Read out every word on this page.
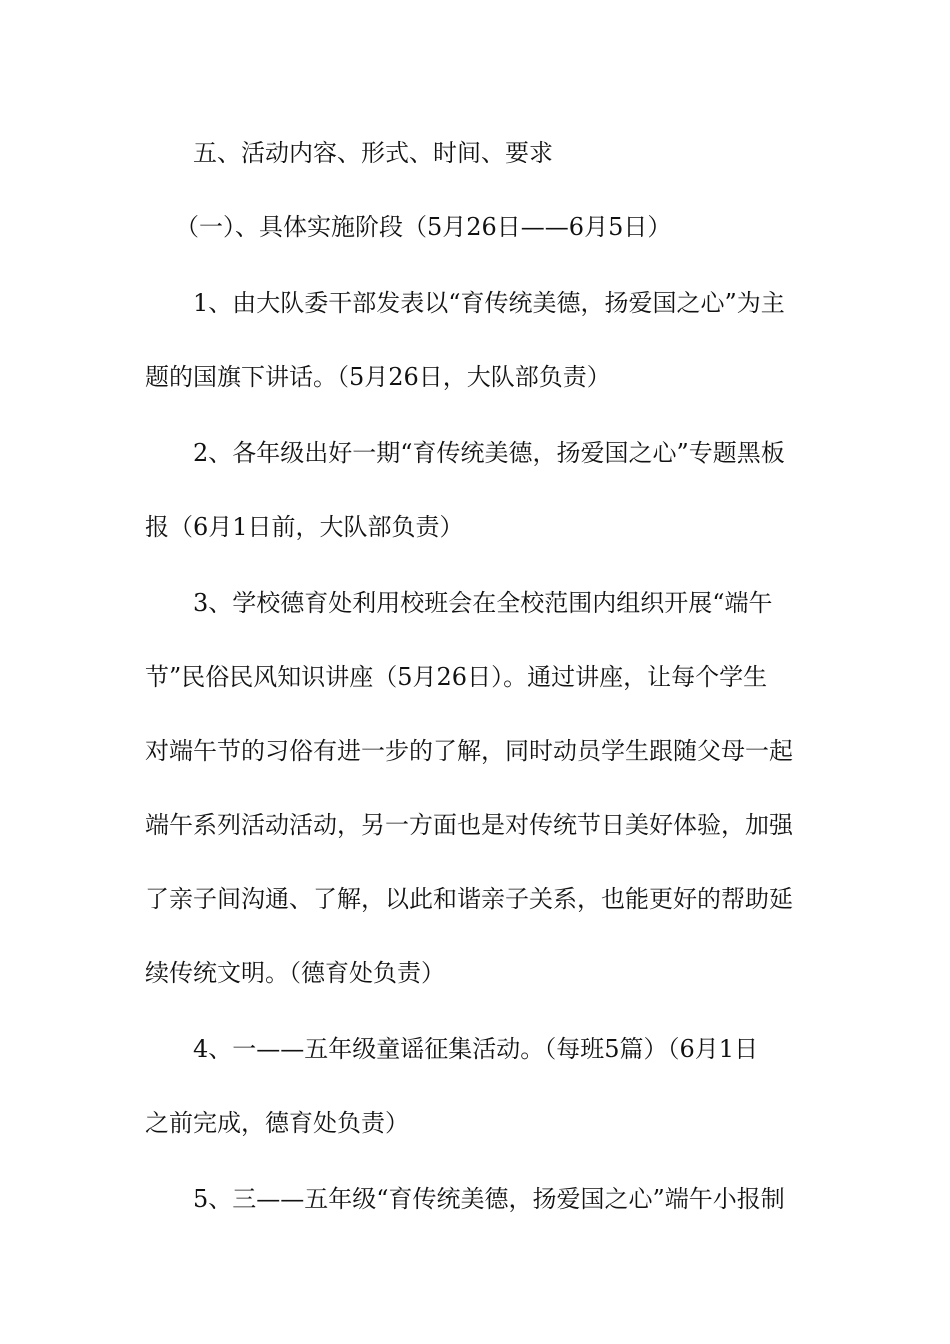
五、活动内容、形式、时间、要求
（一）、具体实施阶段（5月26日——6月5日）
1、由大队委干部发表以“育传统美德，扬爱国之心”为主
题的国旗下讲话。（5月26日，大队部负责）
2、各年级出好一期“育传统美德，扬爱国之心”专题黑板
报（6月1日前，大队部负责）
3、学校德育处利用校班会在全校范围内组织开展“端午
节”民俗民风知识讲座（5月26日）。通过讲座，让每个学生
对端午节的习俗有进一步的了解，同时动员学生跟随父母一起
端午系列活动活动，另一方面也是对传统节日美好体验，加强
了亲子间沟通、了解，以此和谐亲子关系，也能更好的帮助延
续传统文明。（德育处负责）
4、一——五年级童谣征集活动。（每班5篇）（6月1日
之前完成，德育处负责）
5、三——五年级“育传统美德，扬爱国之心”端午小报制
